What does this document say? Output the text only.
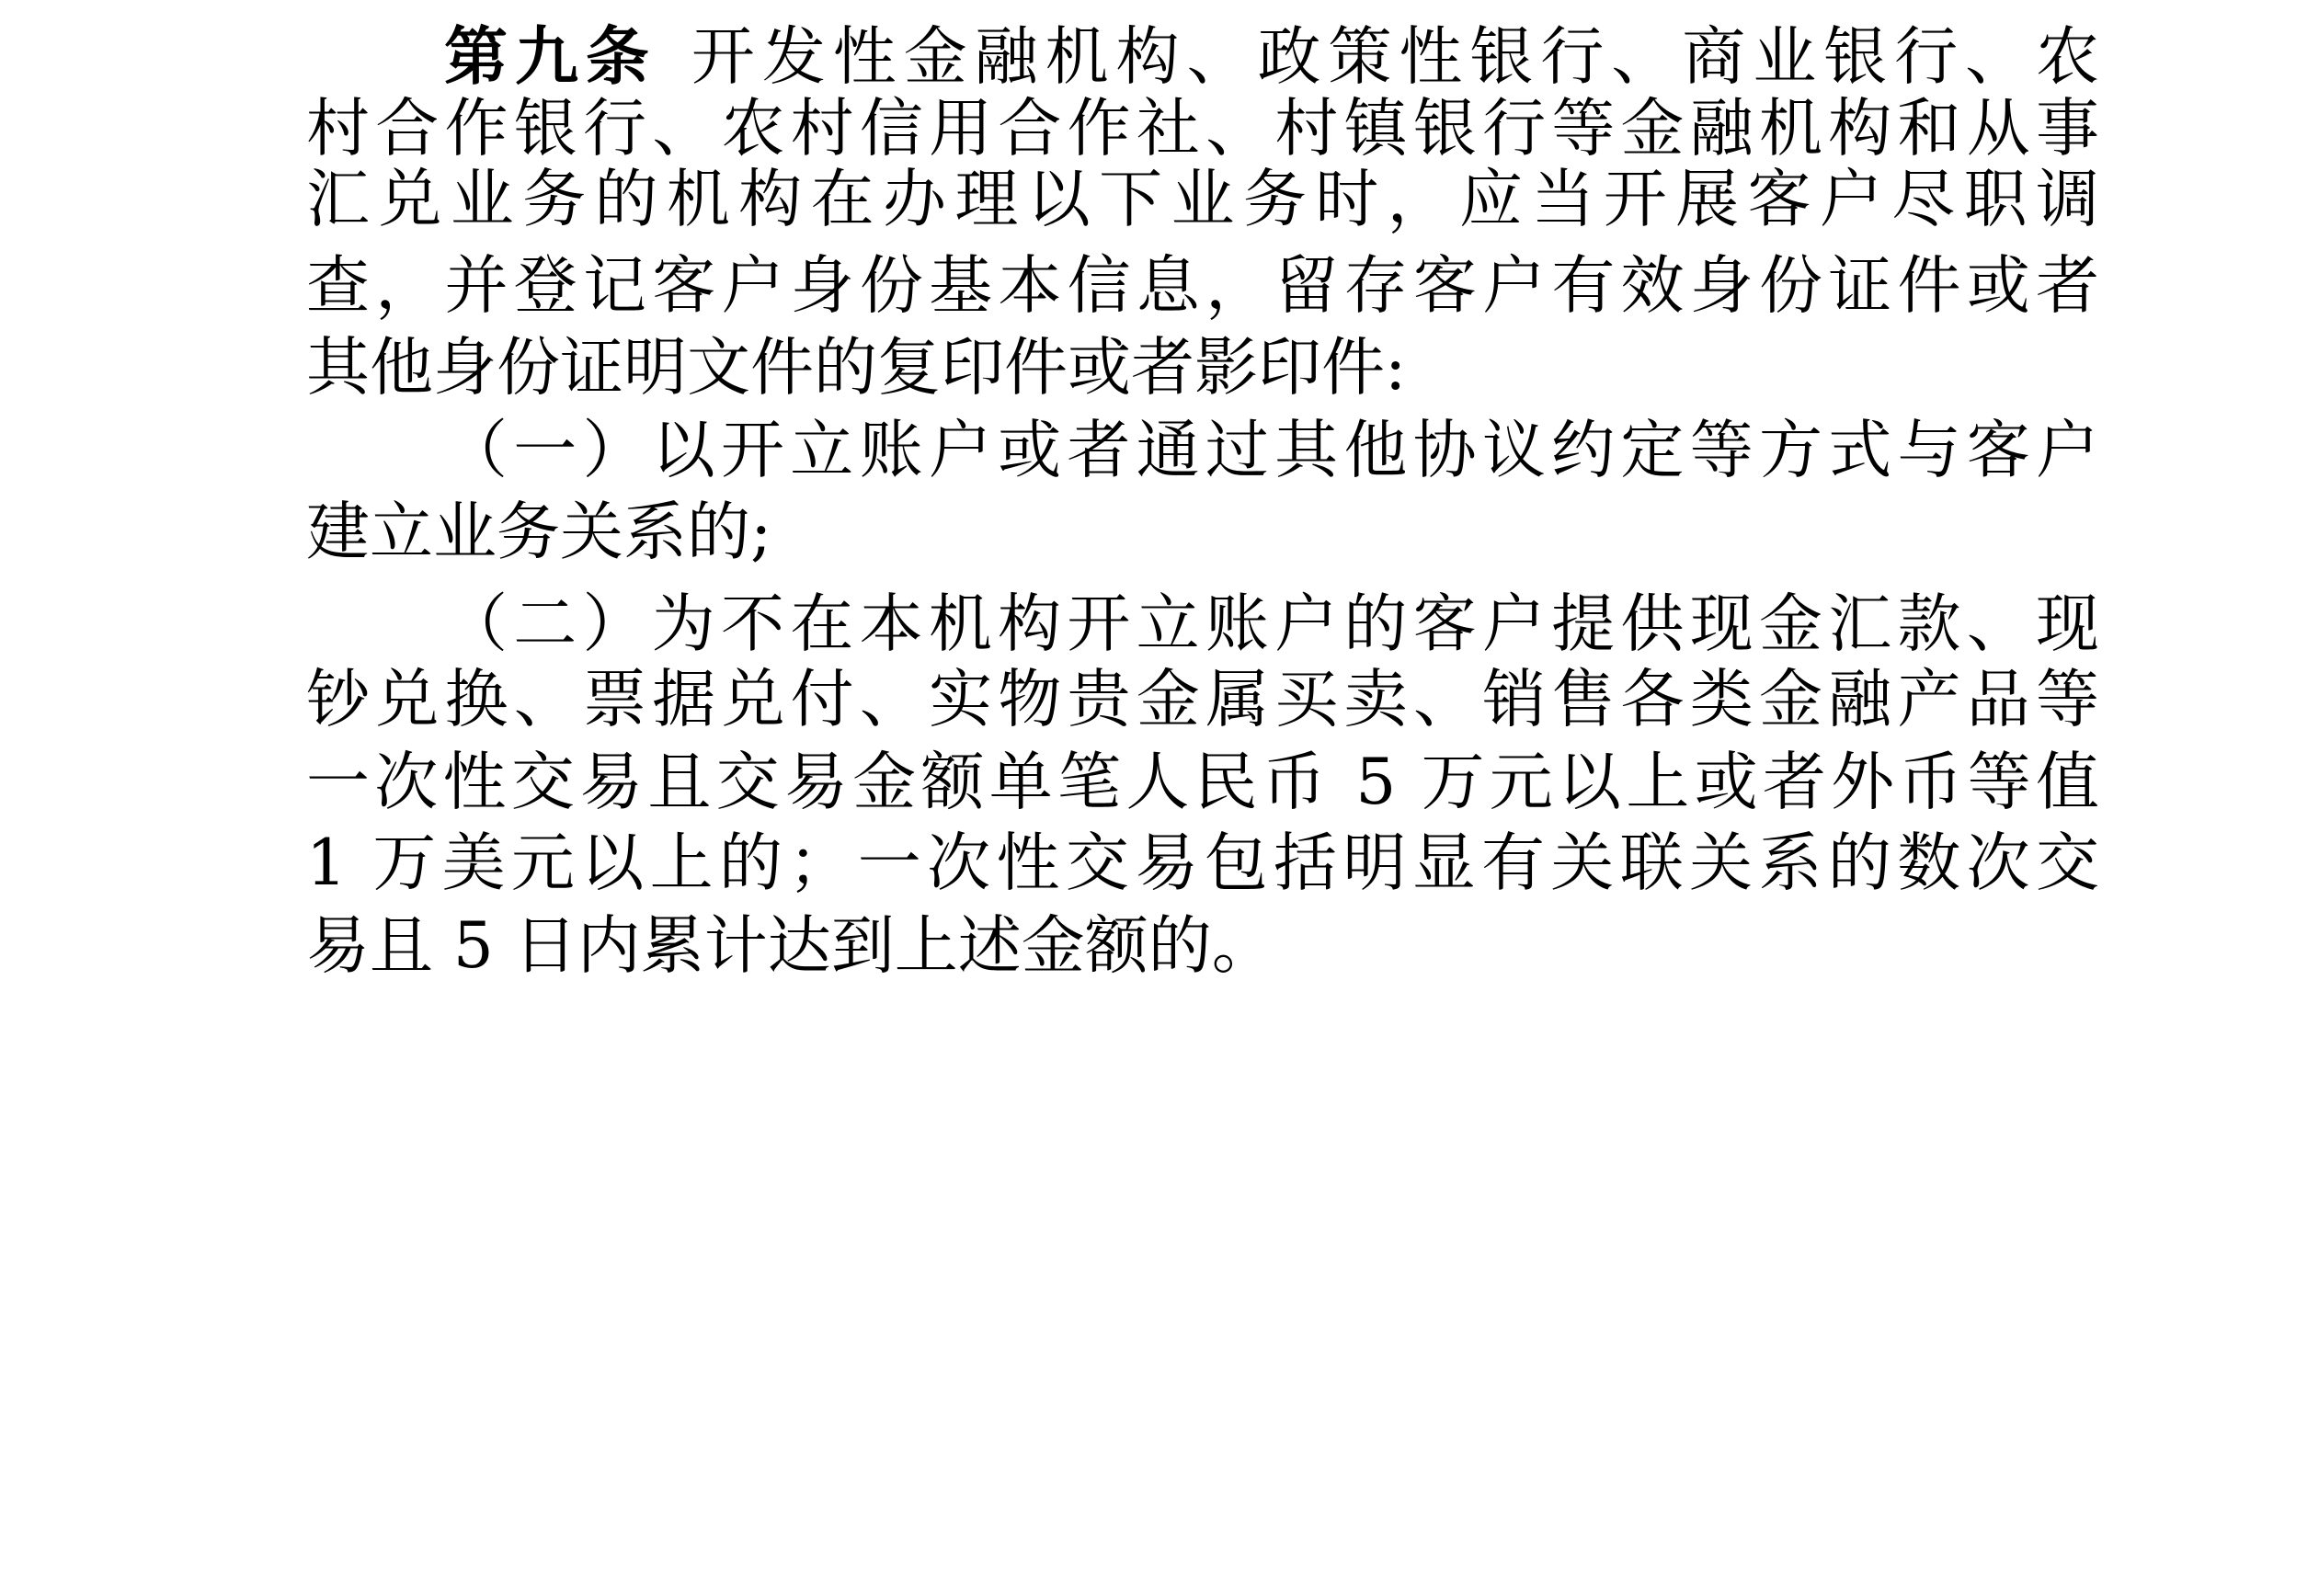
第九条 开发性金融机构、政策性银行、商业银行、农
村合作银行、农村信用合作社、村镇银行等金融机构和从事
汇兑业务的机构在办理以下业务时，应当开展客户尽职调
查，并登记客户身份基本信息，留存客户有效身份证件或者
其他身份证明文件的复印件或者影印件:
（一）以开立账户或者通过其他协议约定等方式与客户
建立业务关系的;
（二）为不在本机构开立账户的客户提供现金汇款、现
钞兑换、票据兑付、实物贵金属买卖、销售各类金融产品等
一次性交易且交易金额单笔人民币 5 万元以上或者外币等值
1 万美元以上的；一次性交易包括明显有关联关系的数次交
易且 5 日内累计达到上述金额的。
